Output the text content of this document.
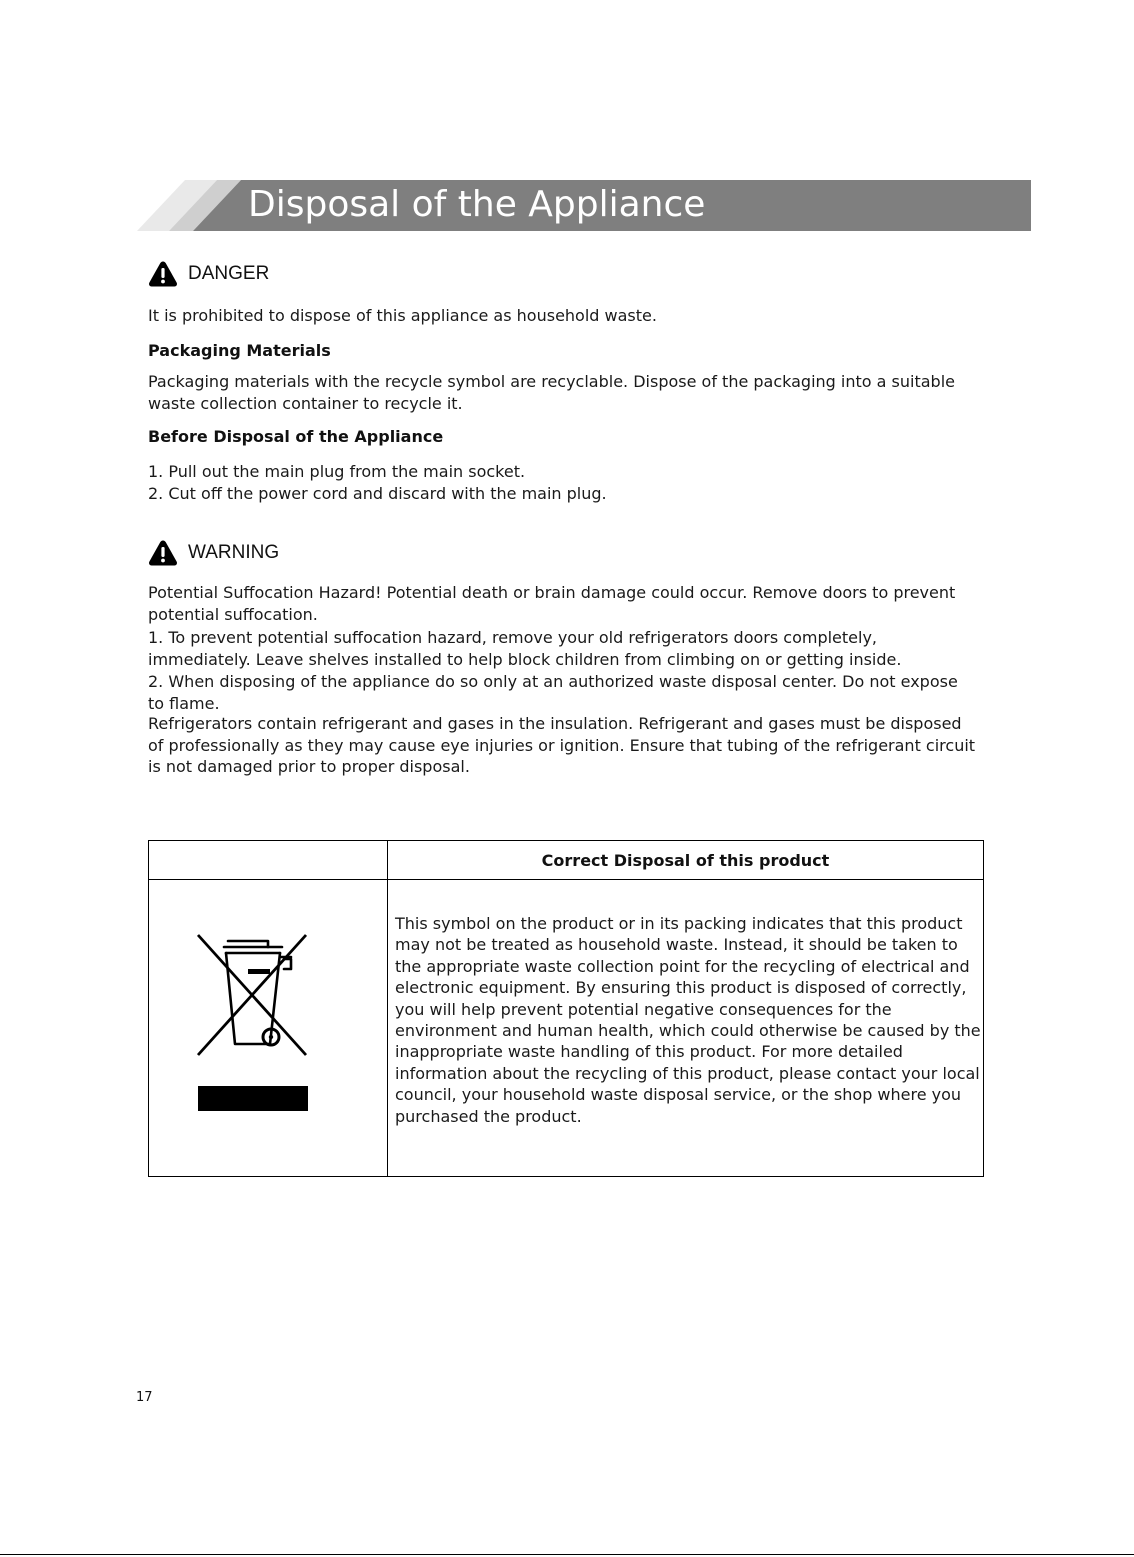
Disposal of the Appliance
DANGER

It is prohibited to dispose of this appliance as household waste.

Packaging Materials

Packaging materials with the recycle symbol are recyclable. Dispose of the packaging into a suitable waste collection container to recycle it.

Before Disposal of the Appliance

1. Pull out the main plug from the main socket.

2. Cut off the power cord and discard with the main plug.

WARNING

Potential Suffocation Hazard! Potential death or brain damage could occur. Remove doors to prevent potential suffocation.

1. To prevent potential suffocation hazard, remove your old refrigerators doors completely, immediately. Leave shelves installed to help block children from climbing on or getting inside.

2. When disposing of the appliance do so only at an authorized waste disposal center. Do not expose to flame.

Refrigerators contain refrigerant and gases in the insulation. Refrigerant and gases must be disposed of professionally as they may cause eye injuries or ignition. Ensure that tubing of the refrigerant circuit is not damaged prior to proper disposal.

Correct Disposal of this product

This symbol on the product or in its packing indicates that this product may not be treated as household waste. Instead, it should be taken to the appropriate waste collection point for the recycling of electrical and electronic equipment. By ensuring this product is disposed of correctly, you will help prevent potential negative consequences for the environment and human health, which could otherwise be caused by the inappropriate waste handling of this product. For more detailed information about the recycling of this product, please contact your local council, your household waste disposal service, or the shop where you purchased the product.

17
